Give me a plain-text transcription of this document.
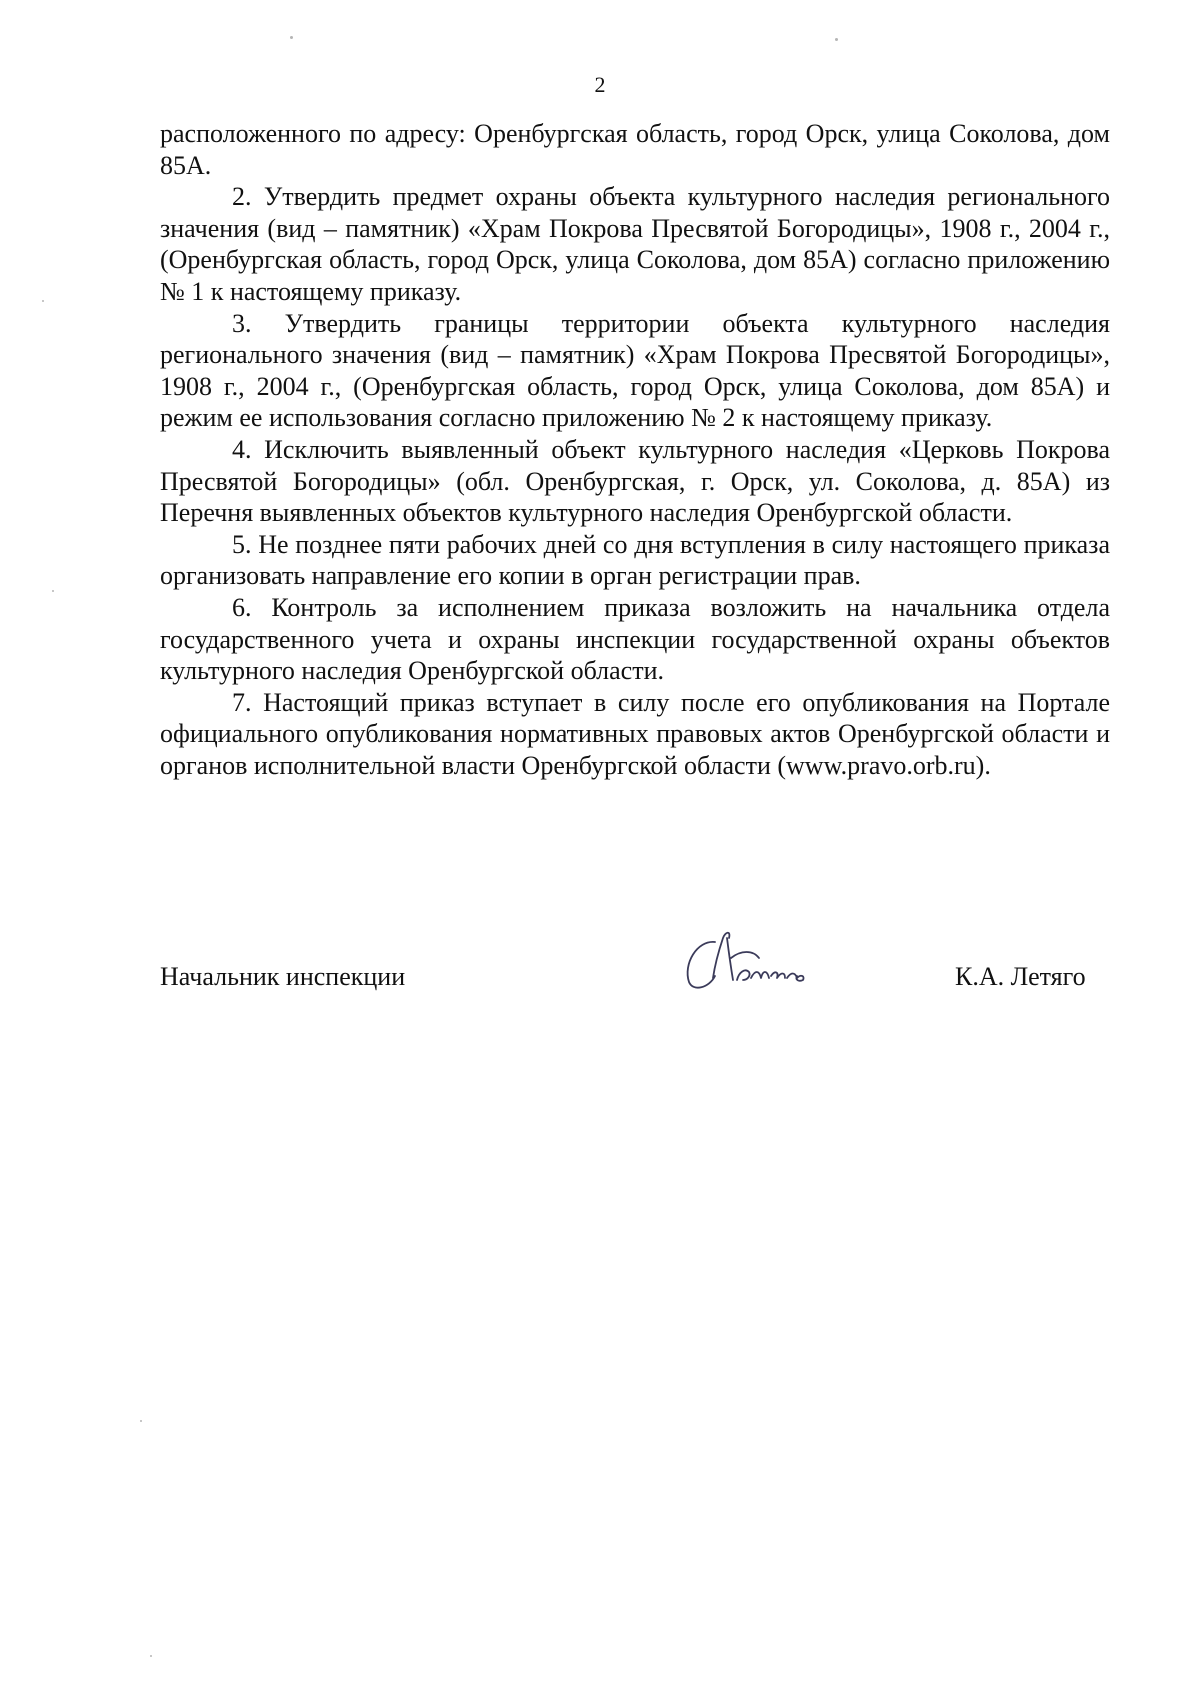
2

расположенного по адресу: Оренбургская область, город Орск, улица Соколова, дом 85А.

2. Утвердить предмет охраны объекта культурного наследия регионального значения (вид – памятник) «Храм Покрова Пресвятой Богородицы», 1908 г., 2004 г., (Оренбургская область, город Орск, улица Соколова, дом 85А) согласно приложению № 1 к настоящему приказу.

3. Утвердить границы территории объекта культурного наследия регионального значения (вид – памятник) «Храм Покрова Пресвятой Богородицы», 1908 г., 2004 г., (Оренбургская область, город Орск, улица Соколова, дом 85А) и режим ее использования согласно приложению № 2 к настоящему приказу.

4. Исключить выявленный объект культурного наследия «Церковь Покрова Пресвятой Богородицы» (обл. Оренбургская, г. Орск, ул. Соколова, д. 85А) из Перечня выявленных объектов культурного наследия Оренбургской области.

5. Не позднее пяти рабочих дней со дня вступления в силу настоящего приказа организовать направление его копии в орган регистрации прав.

6. Контроль за исполнением приказа возложить на начальника отдела государственного учета и охраны инспекции государственной охраны объектов культурного наследия Оренбургской области.

7. Настоящий приказ вступает в силу после его опубликования на Портале официального опубликования нормативных правовых актов Оренбургской области и органов исполнительной власти Оренбургской области (www.pravo.orb.ru).

Начальник инспекции	К.А. Летяго
